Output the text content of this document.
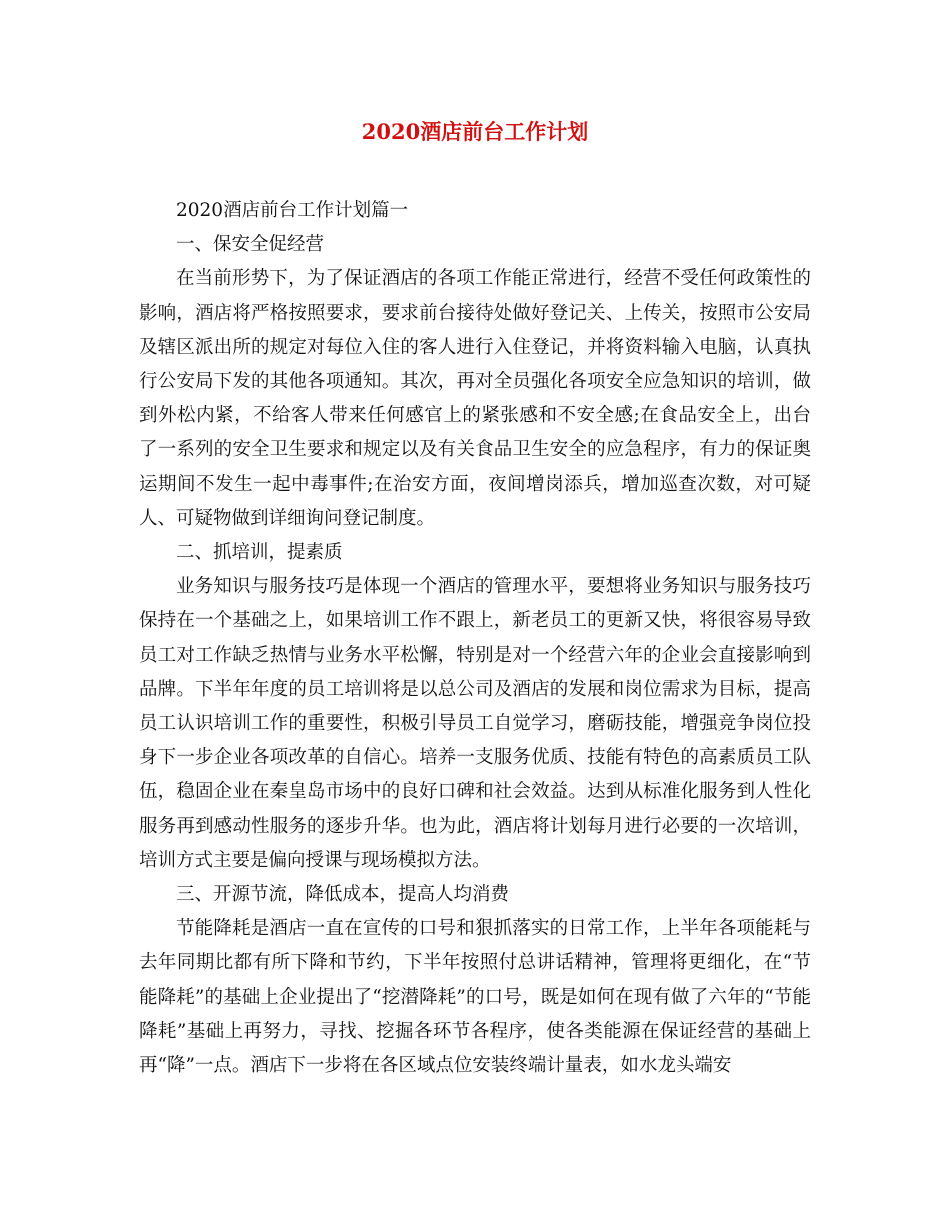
2020酒店前台工作计划

2020酒店前台工作计划篇一

一、保安全促经营

在当前形势下，为了保证酒店的各项工作能正常进行，经营不受任何政策性的影响，酒店将严格按照要求，要求前台接待处做好登记关、上传关，按照市公安局及辖区派出所的规定对每位入住的客人进行入住登记，并将资料输入电脑，认真执行公安局下发的其他各项通知。其次，再对全员强化各项安全应急知识的培训，做到外松内紧，不给客人带来任何感官上的紧张感和不安全感;在食品安全上，出台了一系列的安全卫生要求和规定以及有关食品卫生安全的应急程序，有力的保证奥运期间不发生一起中毒事件;在治安方面，夜间增岗添兵，增加巡查次数，对可疑人、可疑物做到详细询问登记制度。

二、抓培训，提素质

业务知识与服务技巧是体现一个酒店的管理水平，要想将业务知识与服务技巧保持在一个基础之上，如果培训工作不跟上，新老员工的更新又快，将很容易导致员工对工作缺乏热情与业务水平松懈，特别是对一个经营六年的企业会直接影响到品牌。下半年年度的员工培训将是以总公司及酒店的发展和岗位需求为目标，提高员工认识培训工作的重要性，积极引导员工自觉学习，磨砺技能，增强竞争岗位投身下一步企业各项改革的自信心。培养一支服务优质、技能有特色的高素质员工队伍，稳固企业在秦皇岛市场中的良好口碑和社会效益。达到从标准化服务到人性化服务再到感动性服务的逐步升华。也为此，酒店将计划每月进行必要的一次培训，培训方式主要是偏向授课与现场模拟方法。

三、开源节流，降低成本，提高人均消费

节能降耗是酒店一直在宣传的口号和狠抓落实的日常工作，上半年各项能耗与去年同期比都有所下降和节约，下半年按照付总讲话精神，管理将更细化，在“节能降耗”的基础上企业提出了“挖潜降耗”的口号，既是如何在现有做了六年的“节能降耗”基础上再努力，寻找、挖掘各环节各程序，使各类能源在保证经营的基础上再“降”一点。酒店下一步将在各区域点位安装终端计量表，如水龙头端安
